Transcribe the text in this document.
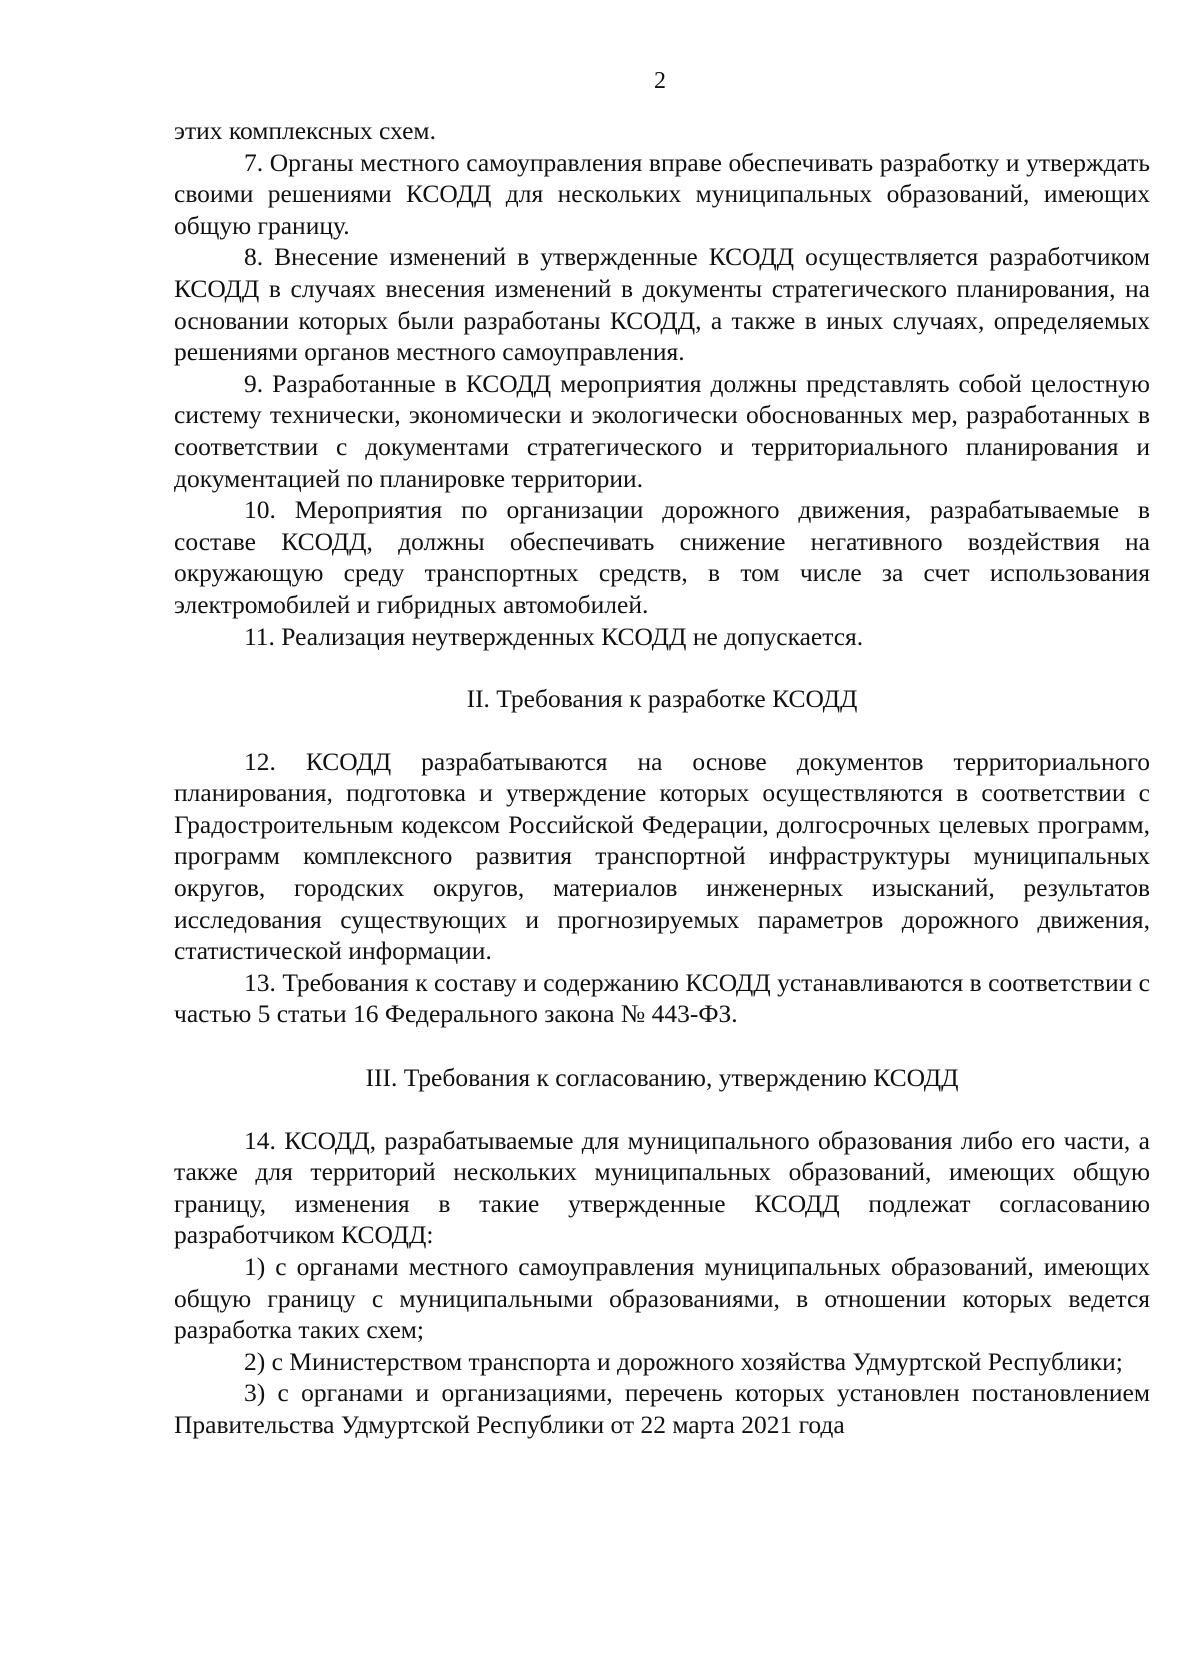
2

этих комплексных схем.

7. Органы местного самоуправления вправе обеспечивать разработку и утверждать своими решениями КСОДД для нескольких муниципальных образований, имеющих общую границу.

8. Внесение изменений в утвержденные КСОДД осуществляется разработчиком КСОДД в случаях внесения изменений в документы стратегического планирования, на основании которых были разработаны КСОДД, а также в иных случаях, определяемых решениями органов местного самоуправления.

9. Разработанные в КСОДД мероприятия должны представлять собой целостную систему технически, экономически и экологически обоснованных мер, разработанных в соответствии с документами стратегического и территориального планирования и документацией по планировке территории.

10. Мероприятия по организации дорожного движения, разрабатываемые в составе КСОДД, должны обеспечивать снижение негативного воздействия на окружающую среду транспортных средств, в том числе за счет использования электромобилей и гибридных автомобилей.

11. Реализация неутвержденных КСОДД не допускается.

II. Требования к разработке КСОДД

12. КСОДД разрабатываются на основе документов территориального планирования, подготовка и утверждение которых осуществляются в соответствии с Градостроительным кодексом Российской Федерации, долгосрочных целевых программ, программ комплексного развития транспортной инфраструктуры муниципальных округов, городских округов, материалов инженерных изысканий, результатов исследования существующих и прогнозируемых параметров дорожного движения, статистической информации.

13. Требования к составу и содержанию КСОДД устанавливаются в соответствии с частью 5 статьи 16 Федерального закона № 443-ФЗ.

III. Требования к согласованию, утверждению КСОДД

14. КСОДД, разрабатываемые для муниципального образования либо его части, а также для территорий нескольких муниципальных образований, имеющих общую границу, изменения в такие утвержденные КСОДД подлежат согласованию разработчиком КСОДД:

1) с органами местного самоуправления муниципальных образований, имеющих общую границу с муниципальными образованиями, в отношении которых ведется разработка таких схем;

2) с Министерством транспорта и дорожного хозяйства Удмуртской Республики;

3) с органами и организациями, перечень которых установлен постановлением Правительства Удмуртской Республики от 22 марта 2021 года
